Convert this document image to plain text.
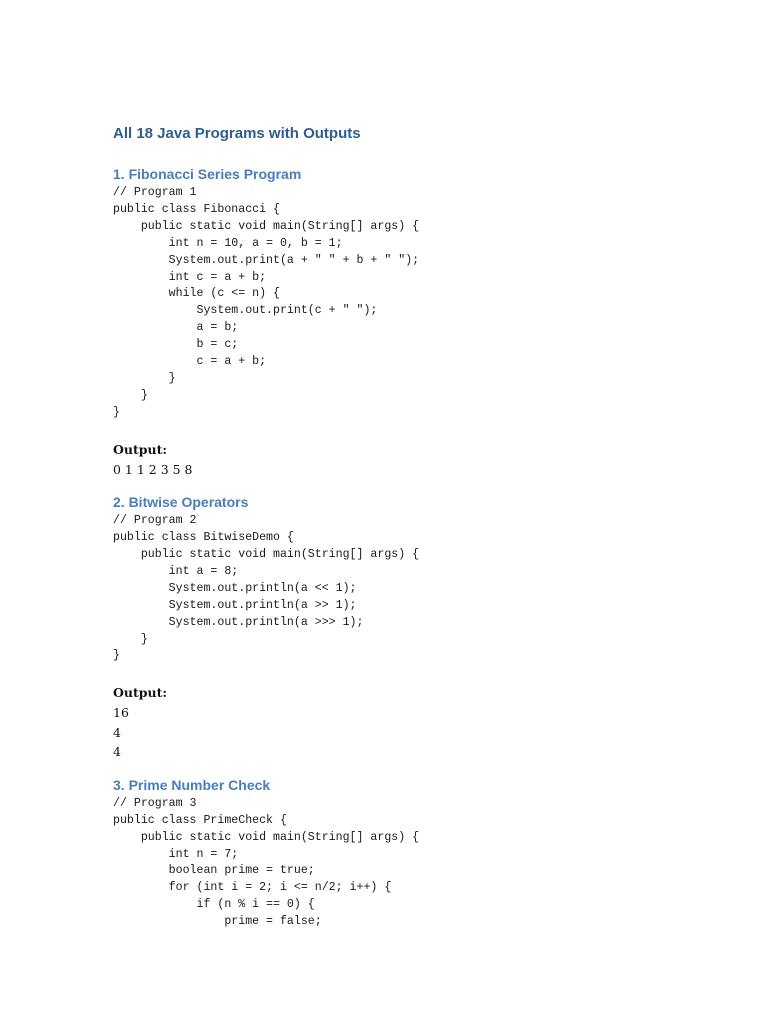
All 18 Java Programs with Outputs
1. Fibonacci Series Program
// Program 1
public class Fibonacci {
public static void main(String[] args) {
int n = 10, a = 0, b = 1;
System.out.print(a + " " + b + " ");
int c = a + b;
while (c <= n) {
System.out.print(c + " ");
a = b;
b = c;
c = a + b;
}
}
}
Output:
0 1 1 2 3 5 8
2. Bitwise Operators
// Program 2
public class BitwiseDemo {
public static void main(String[] args) {
int a = 8;
System.out.println(a << 1);
System.out.println(a >> 1);
System.out.println(a >>> 1);
}
}
Output:
16
4
4
3. Prime Number Check
// Program 3
public class PrimeCheck {
public static void main(String[] args) {
int n = 7;
boolean prime = true;
for (int i = 2; i <= n/2; i++) {
if (n % i == 0) {
prime = false;
